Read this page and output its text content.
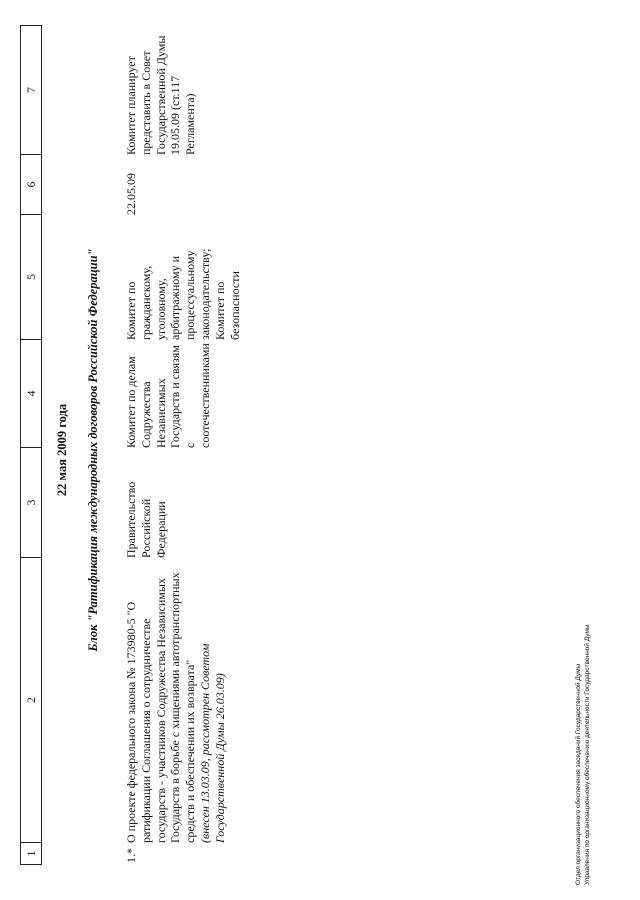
1
2
3
4
5
6
7
22 мая 2009 года Блок "Ратификация международных договоров Российской Федерации"
1.*
О проекте федерального закона № 173980-5 "О ратификации Соглашения о сотрудничестве государств - участников Содружества Независимых Государств в борьбе с хищениями автотранспортных средств и обеспечении их возврата" (внесен 13.03.09, рассмотрен Советом Государственной Думы 26.03.09)
Правительство Российской Федерации
Комитет по делам Содружества Независимых Государств и связям с соотечественниками
Комитет по гражданскому, уголовному, арбитражному и процессуальному законодательству; Комитет по безопасности
22.05.09
Комитет планирует представить в Совет Государственной Думы 19.05.09 (ст.117 Регламента)
Отдел организационного обеспечения заседаний Государственной Думы Управления по организационному обеспечению деятельности Государственной Думы
